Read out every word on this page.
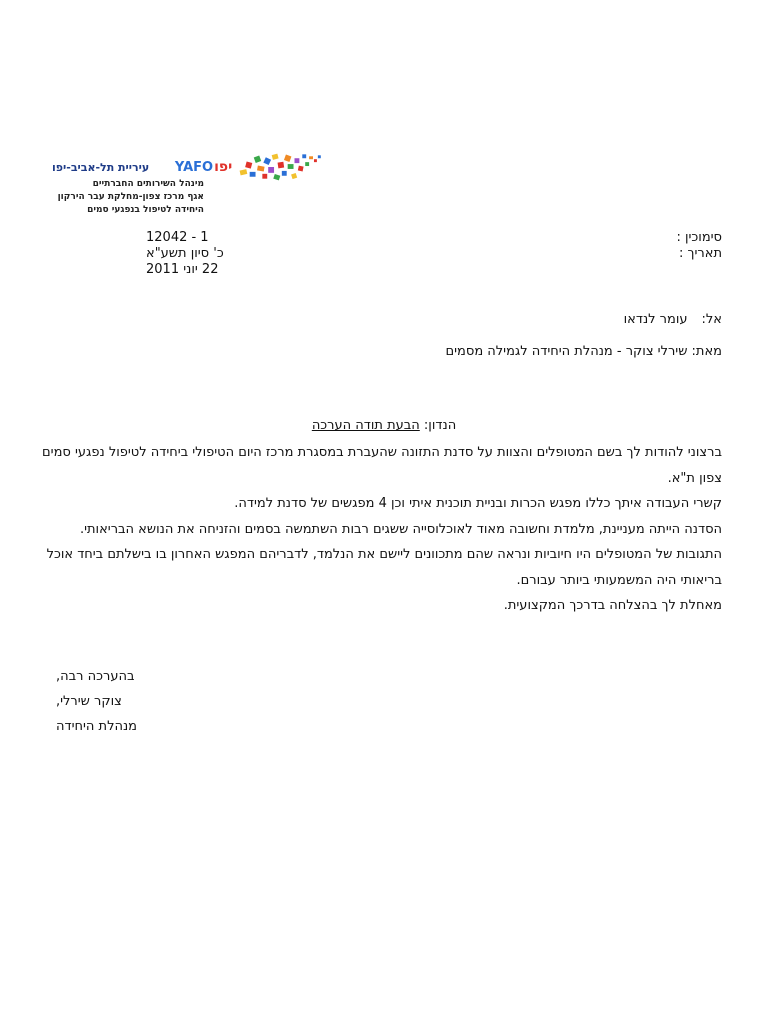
עיריית תל-אביב-יפו	YAFOיפו
מינהל השירותים החברתיים
אגף מרכז צפון-מחלקת עבר הירקון
היחידה לטיפול בנפגעי סמים
סימוכין :
תאריך :
12042 - 1
כ' סיון תשע"א
22 יוני 2011
אל:עומר לנדאו
מאת: שירלי צוקר - מנהלת היחידה לגמילה מסמים
הנדון: הבעת תודה הערכה

ברצוני להודות לך בשם המטופלים והצוות על סדנת התזונה שהעברת במסגרת מרכז היום הטיפולי ביחידה לטיפול נפגעי סמים צפון ת"א.

קשרי העבודה איתך כללו מפגש הכרות ובניית תוכנית איתי וכן 4 מפגשים של סדנת למידה.

הסדנה הייתה מעניינת, מלמדת וחשובה מאוד לאוכלוסייה ששגים רבות השתמשה בסמים והזניחה את הנושא הבריאותי.

התגובות של המטופלים היו חיוביות ונראה שהם מתכוונים ליישם את הנלמד, לדבריהם המפגש האחרון בו בישלתם ביחד אוכל בריאותי היה המשמעותי ביותר עבורם.

מאחלת לך בהצלחה בדרכך המקצועית.

בהערכה רבה,
צוקר שירלי,
מנהלת היחידה
